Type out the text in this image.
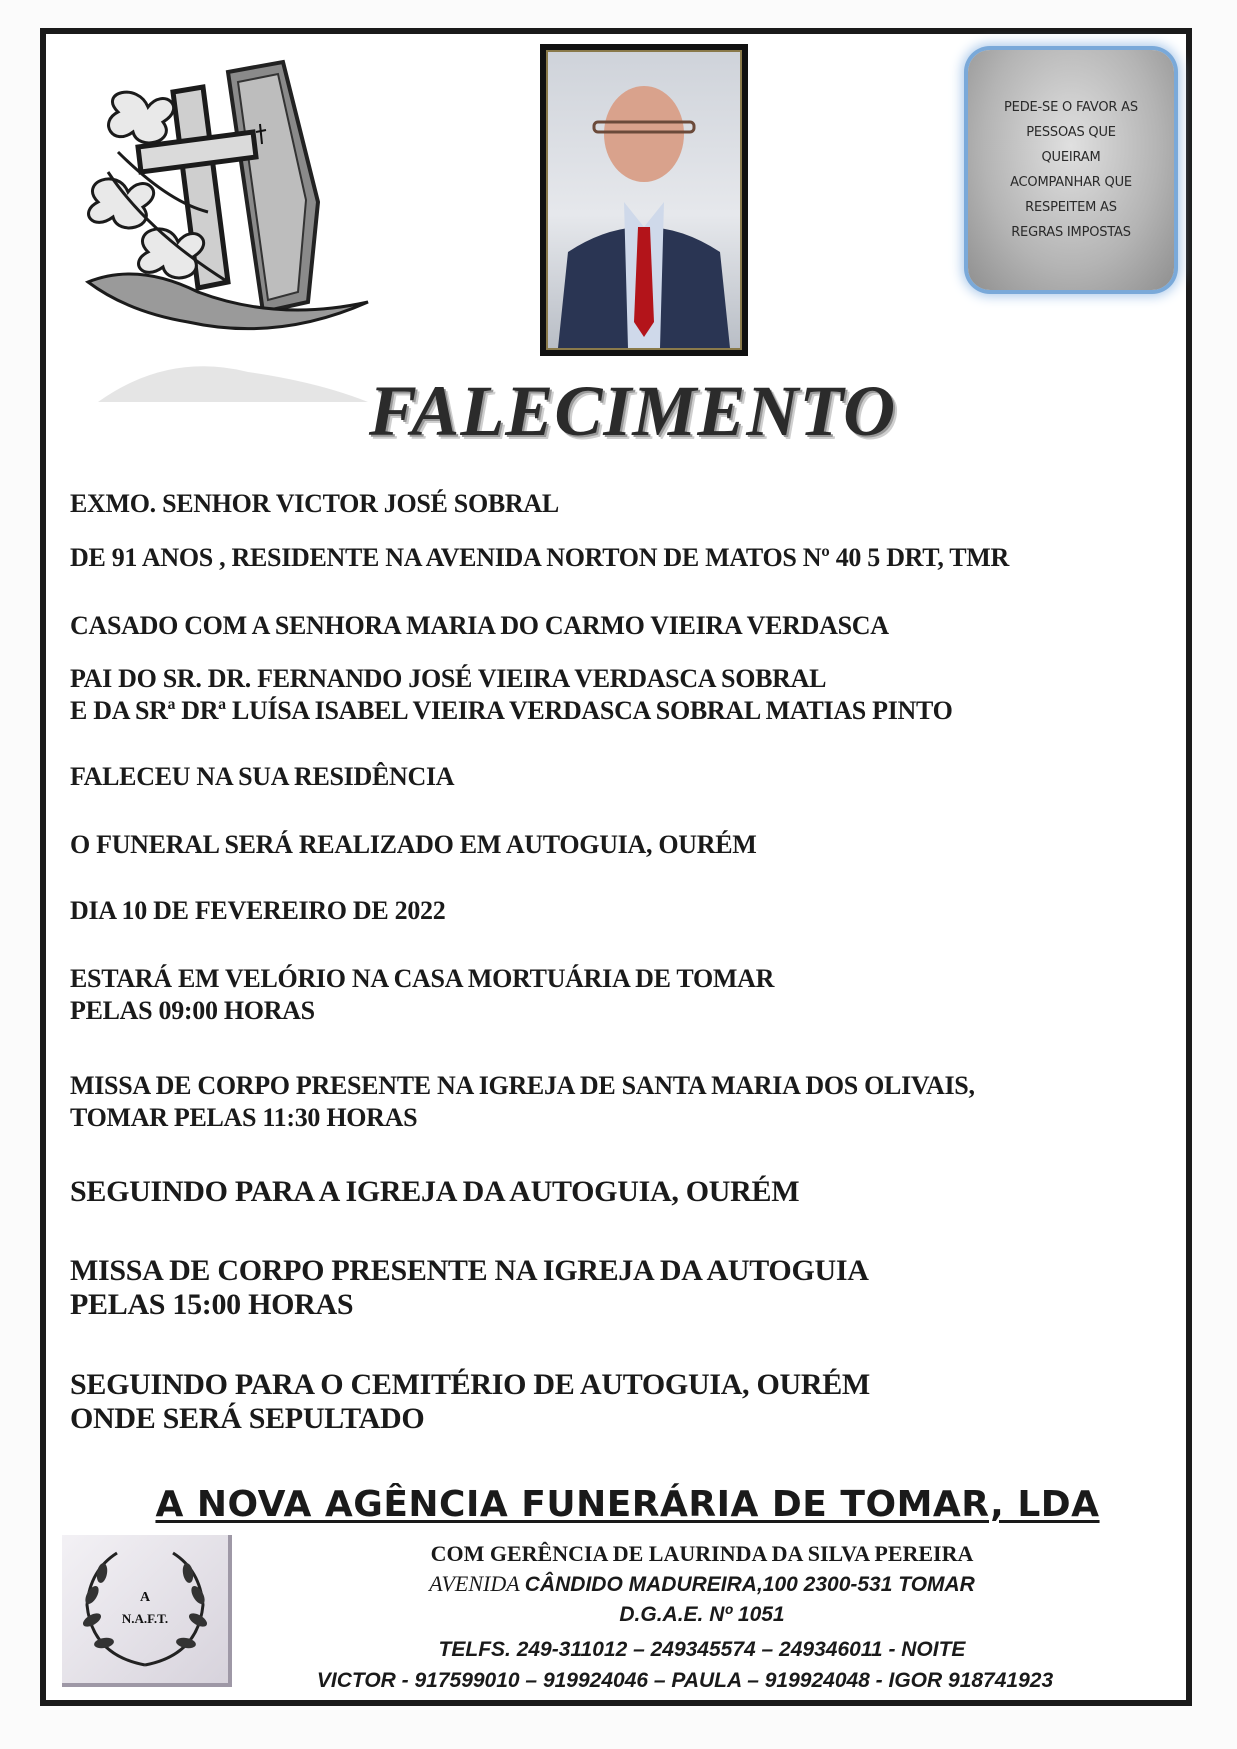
PEDE-SE O FAVOR AS
PESSOAS QUE
QUEIRAM
ACOMPANHAR QUE
RESPEITEM AS
REGRAS IMPOSTAS
FALECIMENTO
EXMO. SENHOR VICTOR JOSÉ SOBRAL
DE 91 ANOS , RESIDENTE NA AVENIDA NORTON DE MATOS Nº 40 5 DRT, TMR
CASADO COM A SENHORA MARIA DO CARMO VIEIRA VERDASCA
PAI DO SR. DR. FERNANDO JOSÉ VIEIRA VERDASCA SOBRAL
E DA SRª DRª LUÍSA ISABEL VIEIRA VERDASCA SOBRAL MATIAS PINTO
FALECEU NA SUA RESIDÊNCIA
O FUNERAL SERÁ REALIZADO EM AUTOGUIA, OURÉM
DIA 10 DE FEVEREIRO DE 2022
ESTARÁ EM VELÓRIO NA CASA MORTUÁRIA DE TOMAR
PELAS 09:00 HORAS
MISSA DE CORPO PRESENTE NA IGREJA DE SANTA MARIA DOS OLIVAIS,
TOMAR PELAS 11:30 HORAS
SEGUINDO PARA A IGREJA DA AUTOGUIA, OURÉM
MISSA DE CORPO PRESENTE NA IGREJA DA AUTOGUIA
PELAS 15:00 HORAS
SEGUINDO PARA O CEMITÉRIO DE AUTOGUIA, OURÉM
ONDE SERÁ SEPULTADO
A NOVA AGÊNCIA FUNERÁRIA DE TOMAR, LDA
A
N.A.F.T.
COM GERÊNCIA DE LAURINDA DA SILVA PEREIRA
AVENIDA CÂNDIDO MADUREIRA,100 2300-531 TOMAR
D.G.A.E. Nº 1051
TELFS. 249-311012 – 249345574 – 249346011 - NOITE
VICTOR - 917599010 – 919924046 – PAULA – 919924048 - IGOR 918741923
